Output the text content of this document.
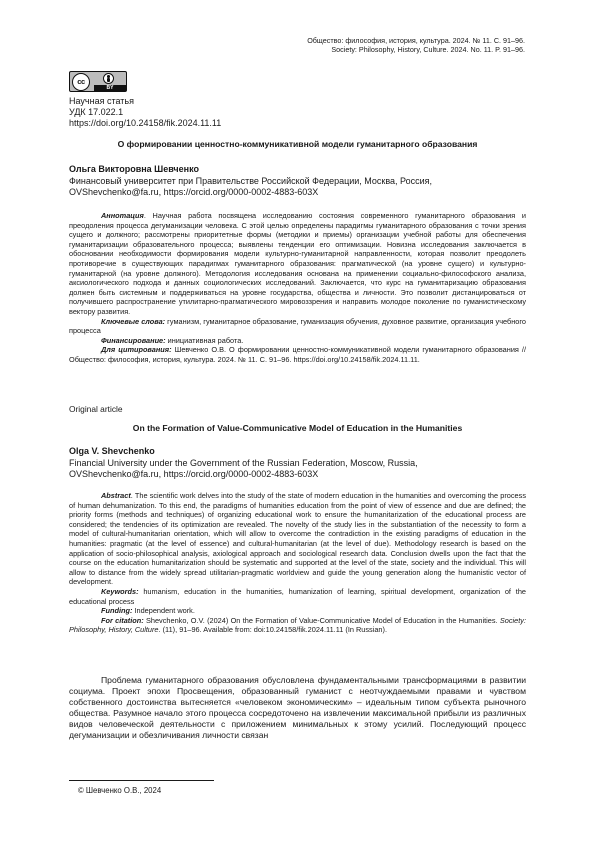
Общество: философия, история, культура. 2024. № 11. С. 91–96.
Society: Philosophy, History, Culture. 2024. No. 11. P. 91–96.
cc
BY
Научная статья
УДК 17.022.1
https://doi.org/10.24158/fik.2024.11.11
О формировании ценностно-коммуникативной модели гуманитарного образования
Ольга Викторовна Шевченко
Финансовый университет при Правительстве Российской Федерации, Москва, Россия,
OVShevchenko@fa.ru, https://orcid.org/0000-0002-4883-603X

Аннотация. Научная работа посвящена исследованию состояния современного гуманитарного образования и преодоления процесса дегуманизации человека. С этой целью определены парадигмы гуманитарного образования с точки зрения сущего и должного; рассмотрены приоритетные формы (методики и приемы) организации учебной работы для обеспечения гуманитаризации образовательного процесса; выявлены тенденции его оптимизации. Новизна исследования заключается в обосновании необходимости формирования модели культурно-гуманитарной направленности, которая позволит преодолеть противоречие в существующих парадигмах гуманитарного образования: прагматической (на уровне сущего) и культурно-гуманитарной (на уровне должного). Методология исследования основана на применении социально-философского анализа, аксиологического подхода и данных социологических исследований. Заключается, что курс на гуманитаризацию образования должен быть системным и поддерживаться на уровне государства, общества и личности. Это позволит дистанцироваться от получившего распространение утилитарно-прагматического мировоззрения и направить молодое поколение по гуманистическому вектору развития.

Ключевые слова: гуманизм, гуманитарное образование, гуманизация обучения, духовное развитие, организация учебного процесса

Финансирование: инициативная работа.

Для цитирования: Шевченко О.В. О формировании ценностно-коммуникативной модели гуманитарного образования // Общество: философия, история, культура. 2024. № 11. С. 91–96. https://doi.org/10.24158/fik.2024.11.11.

Original article
On the Formation of Value-Communicative Model of Education in the Humanities
Olga V. Shevchenko
Financial University under the Government of the Russian Federation, Moscow, Russia,
OVShevchenko@fa.ru, https://orcid.org/0000-0002-4883-603X

Abstract. The scientific work delves into the study of the state of modern education in the humanities and overcoming the process of human dehumanization. To this end, the paradigms of humanities education from the point of view of essence and due are defined; the priority forms (methods and techniques) of organizing educational work to ensure the humanitarization of the educational process are considered; the tendencies of its optimization are revealed. The novelty of the study lies in the substantiation of the necessity to form a model of cultural-humanitarian orientation, which will allow to overcome the contradiction in the existing paradigms of education in the humanities: pragmatic (at the level of essence) and cultural-humanitarian (at the level of due). Methodology research is based on the application of socio-philosophical analysis, axiological approach and sociological research data. Conclusion dwells upon the fact that the course on the education humanitarization should be systematic and supported at the level of the state, society and the individual. This will allow to distance from the widely spread utilitarian-pragmatic worldview and guide the young generation along the humanistic vector of development.

Keywords: humanism, education in the humanities, humanization of learning, spiritual development, organization of the educational process

Funding: Independent work.

For citation: Shevchenko, O.V. (2024) On the Formation of Value-Communicative Model of Education in the Humanities. Society: Philosophy, History, Culture. (11), 91–96. Available from: doi:10.24158/fik.2024.11.11 (In Russian).

Проблема гуманитарного образования обусловлена фундаментальными трансформациями в развитии социума. Проект эпохи Просвещения, образованный гуманист с неотчуждаемыми правами и чувством собственного достоинства вытесняется «человеком экономическим» – идеальным типом субъекта рыночного общества. Разумное начало этого процесса сосредоточено на извлечении максимальной прибыли из различных видов человеческой деятельности с приложением минимальных к этому усилий. Последующий процесс дегуманизации и обезличивания личности связан
© Шевченко О.В., 2024
